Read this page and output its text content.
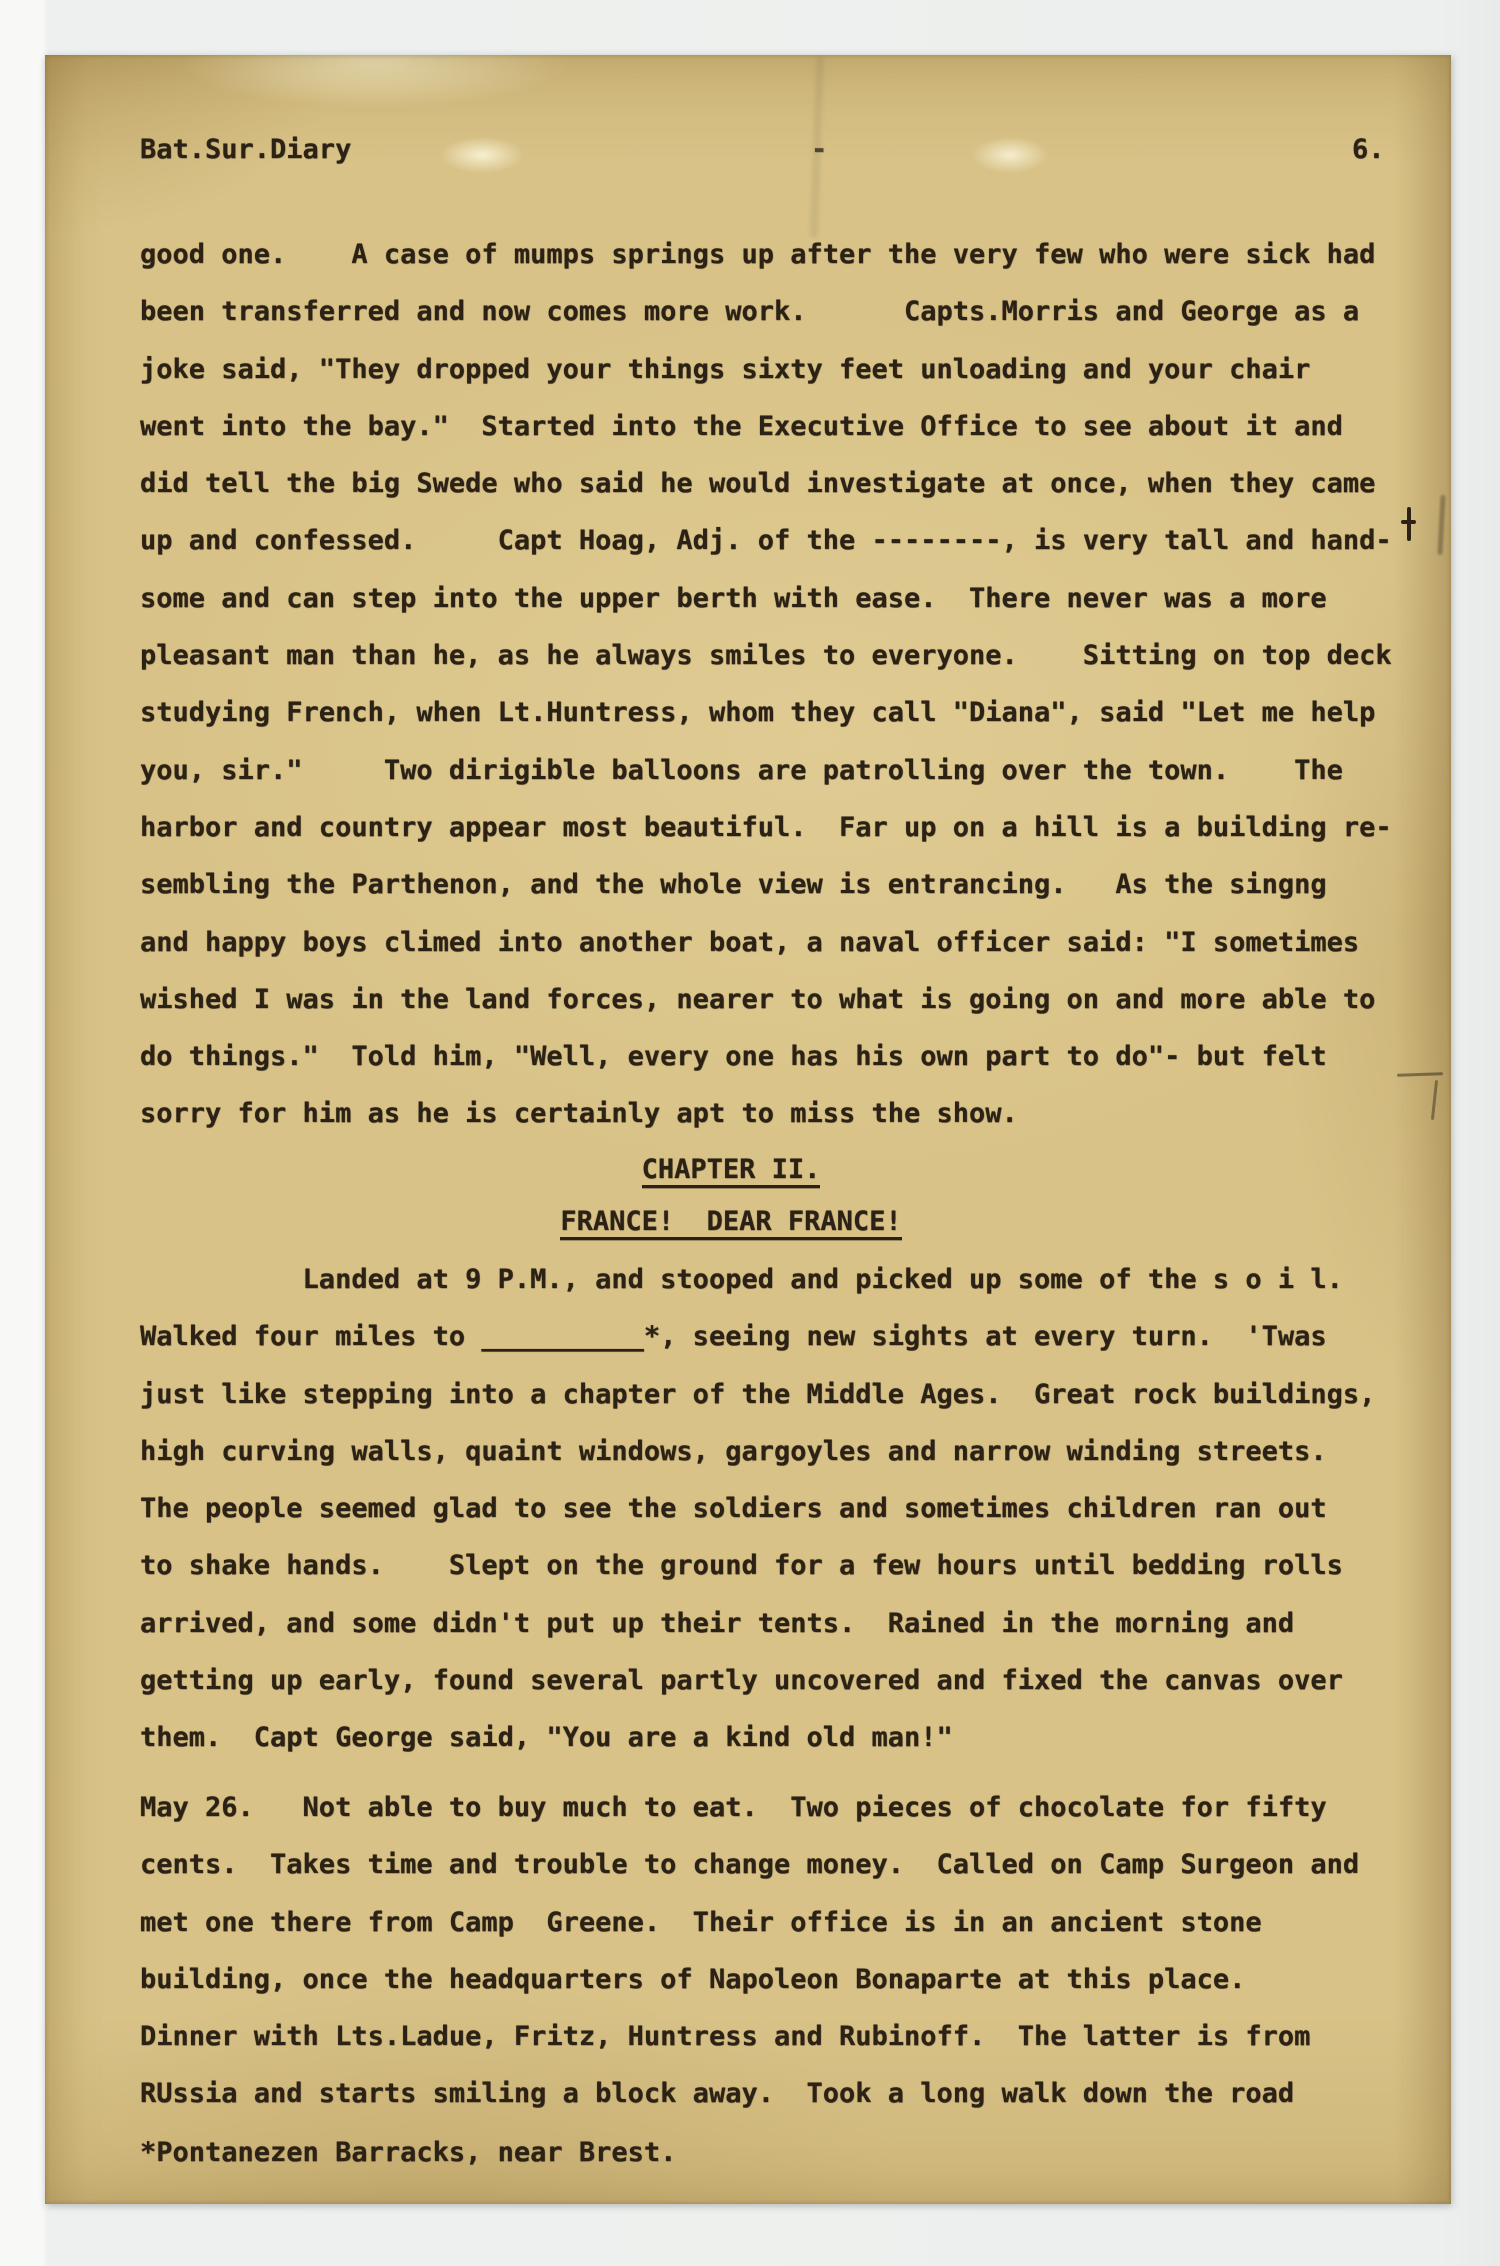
Bat.Sur.Diary	-	6.
good one.    A case of mumps springs up after the very few who were sick had
been transferred and now comes more work.      Capts.Morris and George as a
joke said, "They dropped your things sixty feet unloading and your chair
went into the bay."  Started into the Executive Office to see about it and
did tell the big Swede who said he would investigate at once, when they came
up and confessed.     Capt Hoag, Adj. of the --------, is very tall and hand-
some and can step into the upper berth with ease.  There never was a more
pleasant man than he, as he always smiles to everyone.    Sitting on top deck
studying French, when Lt.Huntress, whom they call "Diana", said "Let me help
you, sir."     Two dirigible balloons are patrolling over the town.    The
harbor and country appear most beautiful.  Far up on a hill is a building re-
sembling the Parthenon, and the whole view is entrancing.   As the singng
and happy boys climed into another boat, a naval officer said: "I sometimes
wished I was in the land forces, nearer to what is going on and more able to
do things."  Told him, "Well, every one has his own part to do"- but felt
sorry for him as he is certainly apt to miss the show.
CHAPTER II.
FRANCE!  DEAR FRANCE!
Landed at 9 P.M., and stooped and picked up some of the s o i l.
Walked four miles to __________*, seeing new sights at every turn.  'Twas
just like stepping into a chapter of the Middle Ages.  Great rock buildings,
high curving walls, quaint windows, gargoyles and narrow winding streets.
The people seemed glad to see the soldiers and sometimes children ran out
to shake hands.    Slept on the ground for a few hours until bedding rolls
arrived, and some didn't put up their tents.  Rained in the morning and
getting up early, found several partly uncovered and fixed the canvas over
them.  Capt George said, "You are a kind old man!"
May 26.   Not able to buy much to eat.  Two pieces of chocolate for fifty
cents.  Takes time and trouble to change money.  Called on Camp Surgeon and
met one there from Camp  Greene.  Their office is in an ancient stone
building, once the headquarters of Napoleon Bonaparte at this place.
Dinner with Lts.Ladue, Fritz, Huntress and Rubinoff.  The latter is from
RUssia and starts smiling a block away.  Took a long walk down the road
*Pontanezen Barracks, near Brest.
